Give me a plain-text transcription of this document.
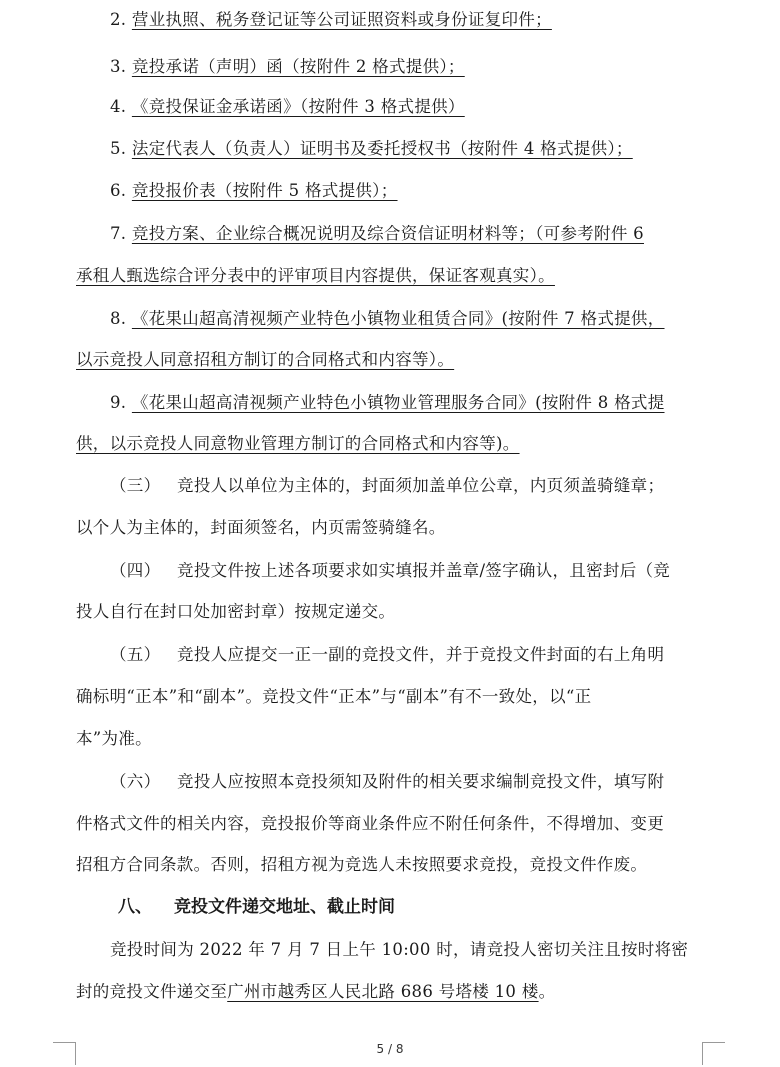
2. 营业执照、税务登记证等公司证照资料或身份证复印件；
3. 竞投承诺（声明）函（按附件 2 格式提供）；
4. 《竞投保证金承诺函》（按附件 3 格式提供）
5. 法定代表人（负责人）证明书及委托授权书（按附件 4 格式提供）；
6. 竞投报价表（按附件 5 格式提供）；
7. 竞投方案、企业综合概况说明及综合资信证明材料等；（可参考附件 6
承租人甄选综合评分表中的评审项目内容提供，保证客观真实）。
8. 《花果山超高清视频产业特色小镇物业租赁合同》(按附件 7 格式提供，
以示竞投人同意招租方制订的合同格式和内容等）。
9. 《花果山超高清视频产业特色小镇物业管理服务合同》(按附件 8 格式提
供，以示竞投人同意物业管理方制订的合同格式和内容等)。
（三） 竞投人以单位为主体的，封面须加盖单位公章，内页须盖骑缝章；
以个人为主体的，封面须签名，内页需签骑缝名。
（四） 竞投文件按上述各项要求如实填报并盖章/签字确认，且密封后（竞
投人自行在封口处加密封章）按规定递交。
（五） 竞投人应提交一正一副的竞投文件，并于竞投文件封面的右上角明
确标明“正本”和“副本”。竞投文件“正本”与“副本”有不一致处，以“正
本”为准。
（六） 竞投人应按照本竞投须知及附件的相关要求编制竞投文件，填写附
件格式文件的相关内容，竞投报价等商业条件应不附任何条件，不得增加、变更
招租方合同条款。否则，招租方视为竞选人未按照要求竞投，竞投文件作废。
八、 竞投文件递交地址、截止时间
竞投时间为 2022 年 7 月 7 日上午 10:00 时，请竞投人密切关注且按时将密
封的竞投文件递交至广州市越秀区人民北路 686 号塔楼 10 楼。
5 / 8
